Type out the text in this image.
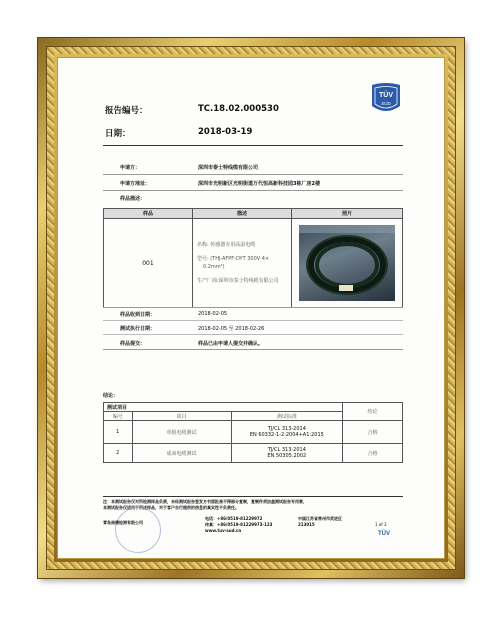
报告编号：	TC.18.02.000530
日期：	2018-03-19
TÜV
SÜD
申请方：	深圳市泰士特线缆有限公司
申请方地址：	深圳市光明新区光明街道万代恒高新科技园3栋厂房2楼
样品描述：
样品	描述	照片
001	名称: 传感器专用高温电缆
型号: (THJ-AFPF-DYT 300V 4×
0.2mm²)
生产厂商:深圳市泰士特线缆有限公司

样品收到日期：	2018-02-05
测试执行日期：	2018-02-05 至 2018-02-26
样品提交：	样品已由申请人提交并确认。
结论：
测试项目			结论
编号	项目	测试标准	
1	单根电缆测试	TJ/CL 313-2014
EN 60332-1-2:2004+A1:2015	合格
2	成束电缆测试	TJ/CL 313-2014
EN 50305:2002	合格
注：本测试报告仅对所检测样品负责，未经测试报告签发方书面批准不得部分复制，复制件须加盖测试报告专用章，
本测试报告仅适用于所述样品，对于客户自行提供的信息的真实性不负责任。
青岛南德检测有限公司
电话：+86/0519-81229972
传真：+86/0519-81229973-123
www.tuv-sud.cn
中国江苏省常州市武进区
213015	1 of 3
TÜV
